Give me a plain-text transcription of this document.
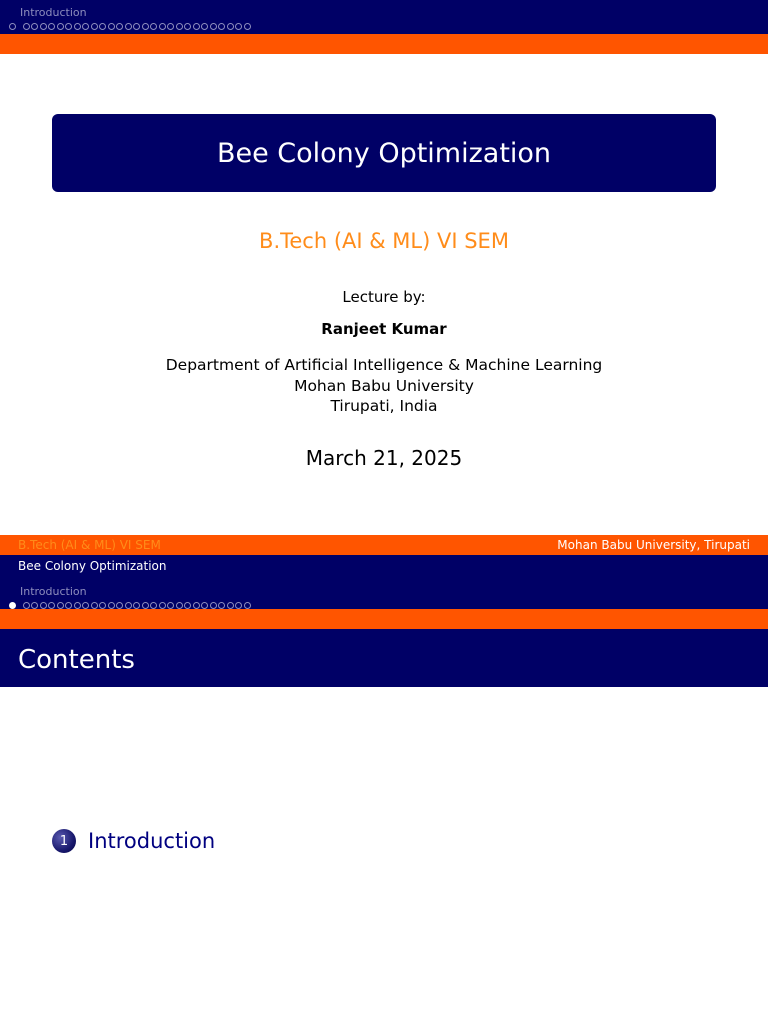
Introduction
Bee Colony Optimization
B.Tech (AI & ML) VI SEM
Lecture by:
Ranjeet Kumar
Department of Artificial Intelligence & Machine Learning
Mohan Babu University
Tirupati, India
March 21, 2025
B.Tech (AI & ML) VI SEM	Mohan Babu University, Tirupati
Bee Colony Optimization
Introduction
Contents
1 Introduction
